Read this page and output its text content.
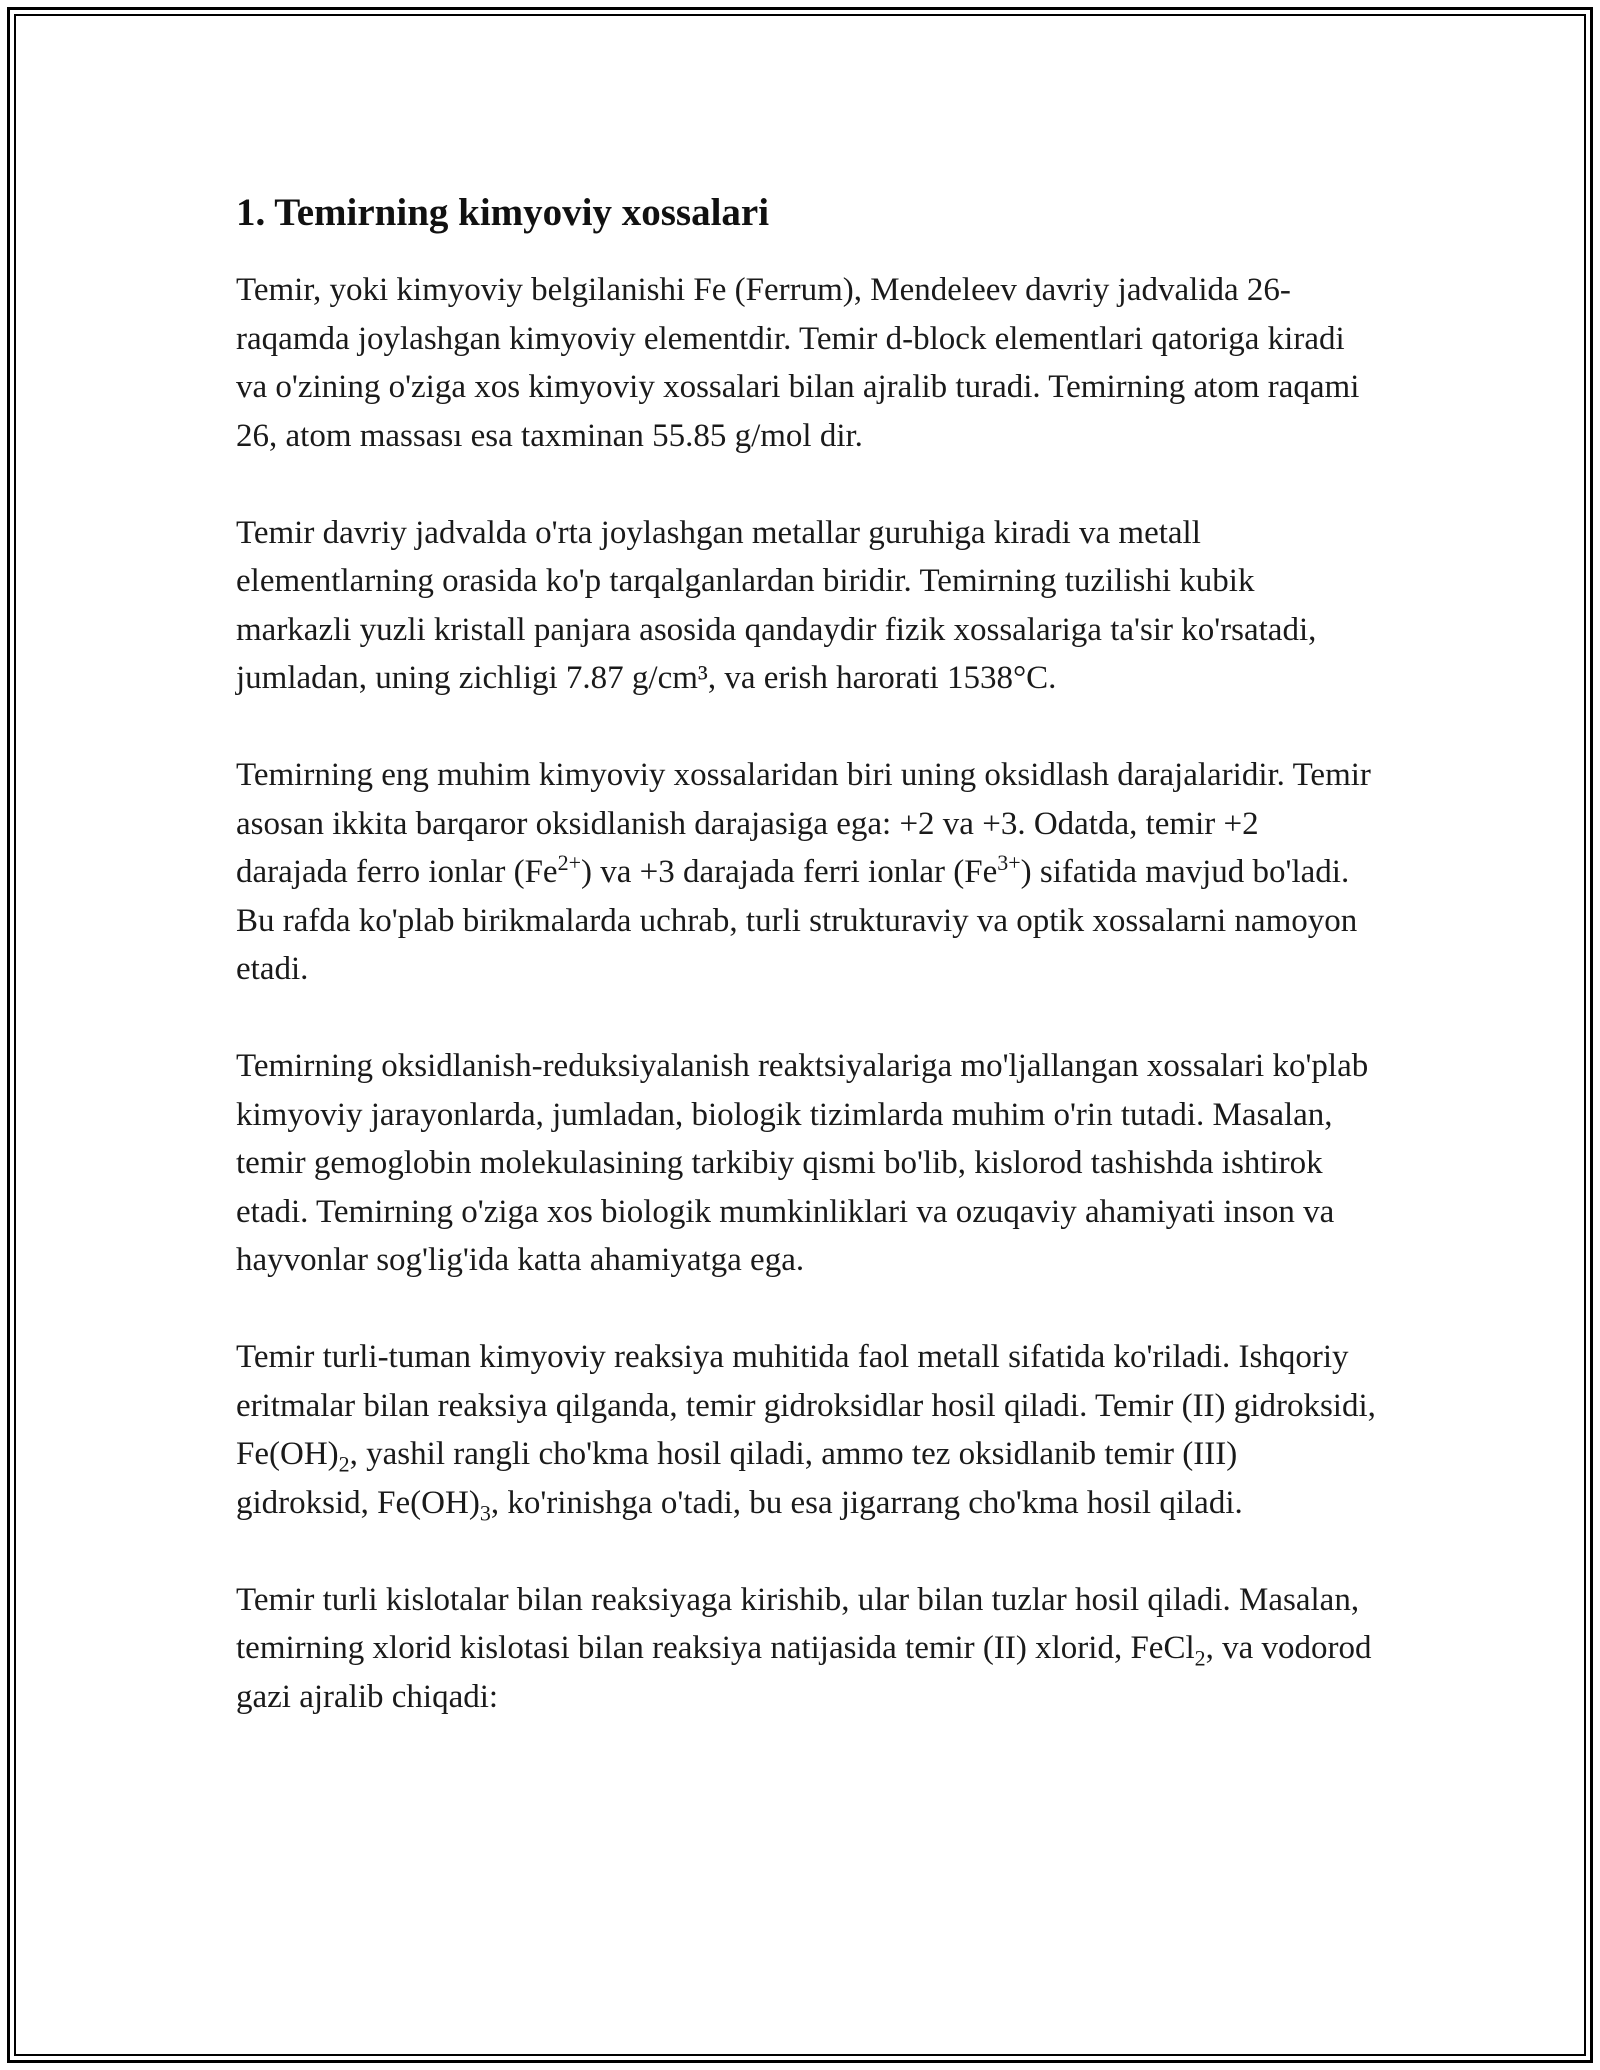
1. Temirning kimyoviy xossalari

Temir, yoki kimyoviy belgilanishi Fe (Ferrum), Mendeleev davriy jadvalida 26-raqamda joylashgan kimyoviy elementdir. Temir d-block elementlari qatoriga kiradi va o'zining o'ziga xos kimyoviy xossalari bilan ajralib turadi. Temirning atom raqami 26, atom massası esa taxminan 55.85 g/mol dir.

Temir davriy jadvalda o'rta joylashgan metallar guruhiga kiradi va metall elementlarning orasida ko'p tarqalganlardan biridir. Temirning tuzilishi kubik markazli yuzli kristall panjara asosida qandaydir fizik xossalariga ta'sir ko'rsatadi, jumladan, uning zichligi 7.87 g/cm³, va erish harorati 1538°C.

Temirning eng muhim kimyoviy xossalaridan biri uning oksidlash darajalaridir. Temir asosan ikkita barqaror oksidlanish darajasiga ega: +2 va +3. Odatda, temir +2 darajada ferro ionlar $(Fe^{2+})$ va +3 darajada ferri ionlar $(Fe^{3+})$ sifatida mavjud bo'ladi. Bu rafda ko'plab birikmalarda uchrab, turli strukturaviy va optik xossalarni namoyon etadi.

Temirning oksidlanish-reduksiyalanish reaktsiyalariga mo'ljallangan xossalari ko'plab kimyoviy jarayonlarda, jumladan, biologik tizimlarda muhim o'rin tutadi. Masalan, temir gemoglobin molekulasining tarkibiy qismi bo'lib, kislorod tashishda ishtirok etadi. Temirning o'ziga xos biologik mumkinliklari va ozuqaviy ahamiyati inson va hayvonlar sog'lig'ida katta ahamiyatga ega.

Temir turli-tuman kimyoviy reaksiya muhitida faol metall sifatida ko'riladi. Ishqoriy eritmalar bilan reaksiya qilganda, temir gidroksidlar hosil qiladi. Temir (II) gidroksidi, $Fe(OH)_2$, yashil rangli cho'kma hosil qiladi, ammo tez oksidlanib temir (III) gidroksid, $Fe(OH)_3$, ko'rinishga o'tadi, bu esa jigarrang cho'kma hosil qiladi.

Temir turli kislotalar bilan reaksiyaga kirishib, ular bilan tuzlar hosil qiladi. Masalan, temirning xlorid kislotasi bilan reaksiya natijasida temir (II) xlorid, FeCl$_2$, va vodorod gazi ajralib chiqadi:
